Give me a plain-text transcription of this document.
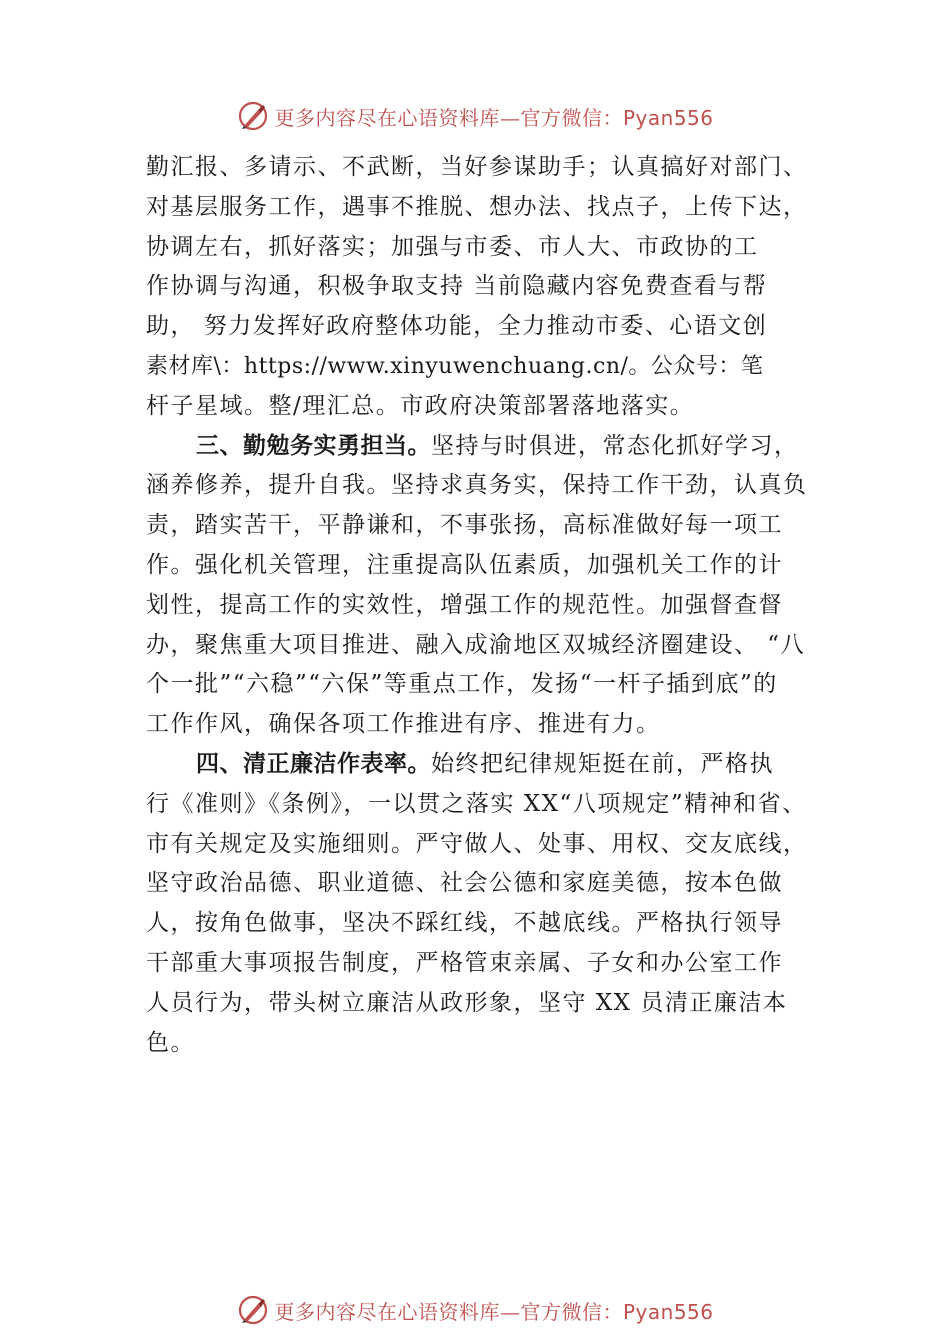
更多内容尽在心语资料库—官方微信：Pyan556
勤汇报、多请示、不武断，当好参谋助手；认真搞好对部门、
对基层服务工作，遇事不推脱、想办法、找点子，上传下达，
协调左右，抓好落实；加强与市委、市人大、市政协的工
作协调与沟通，积极争取支持 当前隐藏内容免费查看与帮
助， 努力发挥好政府整体功能，全力推动市委、心语文创
素材库\：https://www.xinyuwenchuang.cn/。公众号：笔
杆子星域。整/理汇总。市政府决策部署落地落实。
三、勤勉务实勇担当。坚持与时俱进，常态化抓好学习，
涵养修养，提升自我。坚持求真务实，保持工作干劲，认真负
责，踏实苦干，平静谦和，不事张扬，高标准做好每一项工
作。强化机关管理，注重提高队伍素质，加强机关工作的计
划性，提高工作的实效性，增强工作的规范性。加强督查督
办，聚焦重大项目推进、融入成渝地区双城经济圈建设、 “八
个一批”“六稳”“六保”等重点工作，发扬“一杆子插到底”的
工作作风，确保各项工作推进有序、推进有力。
四、清正廉洁作表率。始终把纪律规矩挺在前，严格执
行《准则》《条例》，一以贯之落实 XX“八项规定”精神和省、
市有关规定及实施细则。严守做人、处事、用权、交友底线，
坚守政治品德、职业道德、社会公德和家庭美德，按本色做
人，按角色做事，坚决不踩红线，不越底线。严格执行领导
干部重大事项报告制度，严格管束亲属、子女和办公室工作
人员行为，带头树立廉洁从政形象，坚守 XX 员清正廉洁本
色。
更多内容尽在心语资料库—官方微信：Pyan556
